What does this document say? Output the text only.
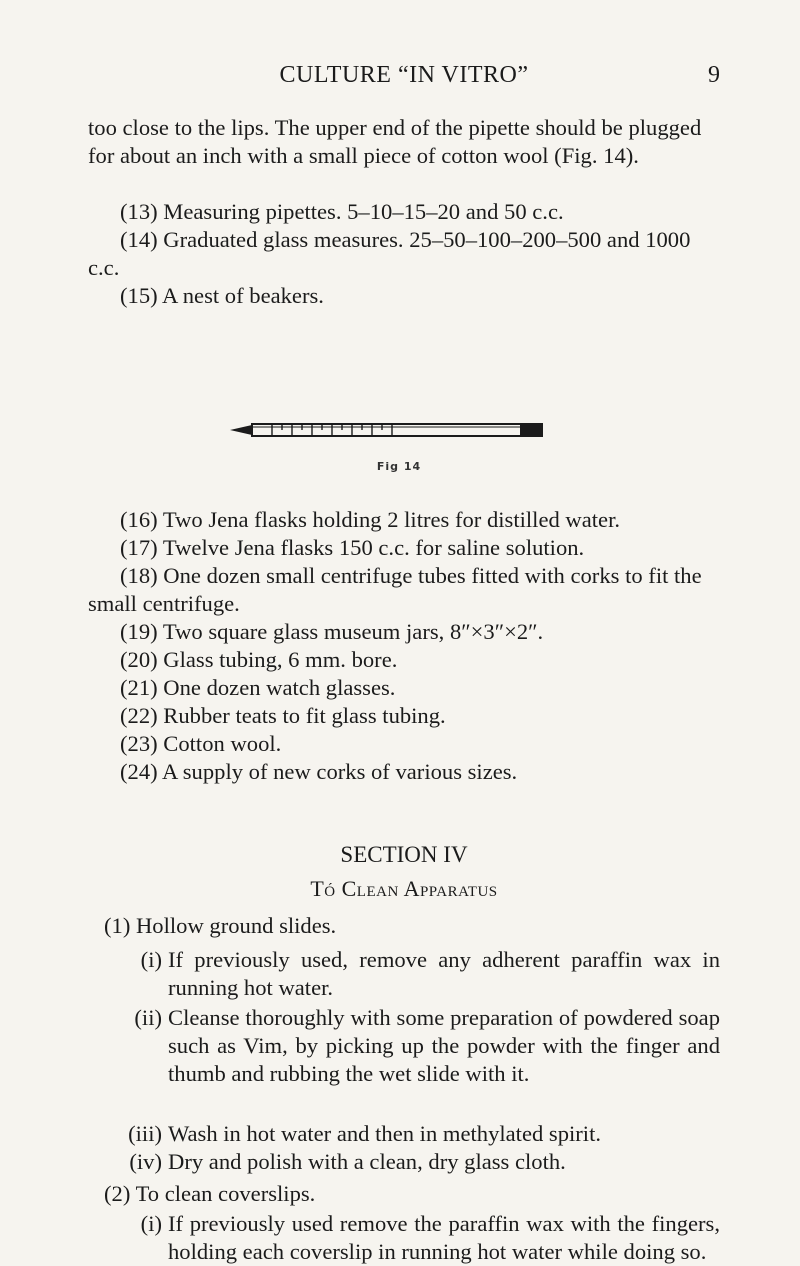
CULTURE “IN VITRO”	9

too close to the lips. The upper end of the pipette should be plugged for about an inch with a small piece of cotton wool (Fig. 14).

(13) Measuring pipettes. 5–10–15–20 and 50 c.c.

(14) Graduated glass measures. 25–50–100–200–500 and 1000 c.c.

(15) A nest of beakers.

Fig 14

(16) Two Jena flasks holding 2 litres for distilled water.

(17) Twelve Jena flasks 150 c.c. for saline solution.

(18) One dozen small centrifuge tubes fitted with corks to fit the small centrifuge.

(19) Two square glass museum jars, 8″×3″×2″.

(20) Glass tubing, 6 mm. bore.

(21) One dozen watch glasses.

(22) Rubber teats to fit glass tubing.

(23) Cotton wool.

(24) A supply of new corks of various sizes.

SECTION IV
Tó Clean Apparatus

(1) Hollow ground slides.

(i) If previously used, remove any adherent paraffin wax in running hot water.
(ii) Cleanse thoroughly with some preparation of powdered soap such as Vim, by picking up the powder with the finger and thumb and rubbing the wet slide with it.
(iii) Wash in hot water and then in methylated spirit.
(iv) Dry and polish with a clean, dry glass cloth.

(2) To clean coverslips.

(i) If previously used remove the paraffin wax with the fingers, holding each coverslip in running hot water while doing so.
